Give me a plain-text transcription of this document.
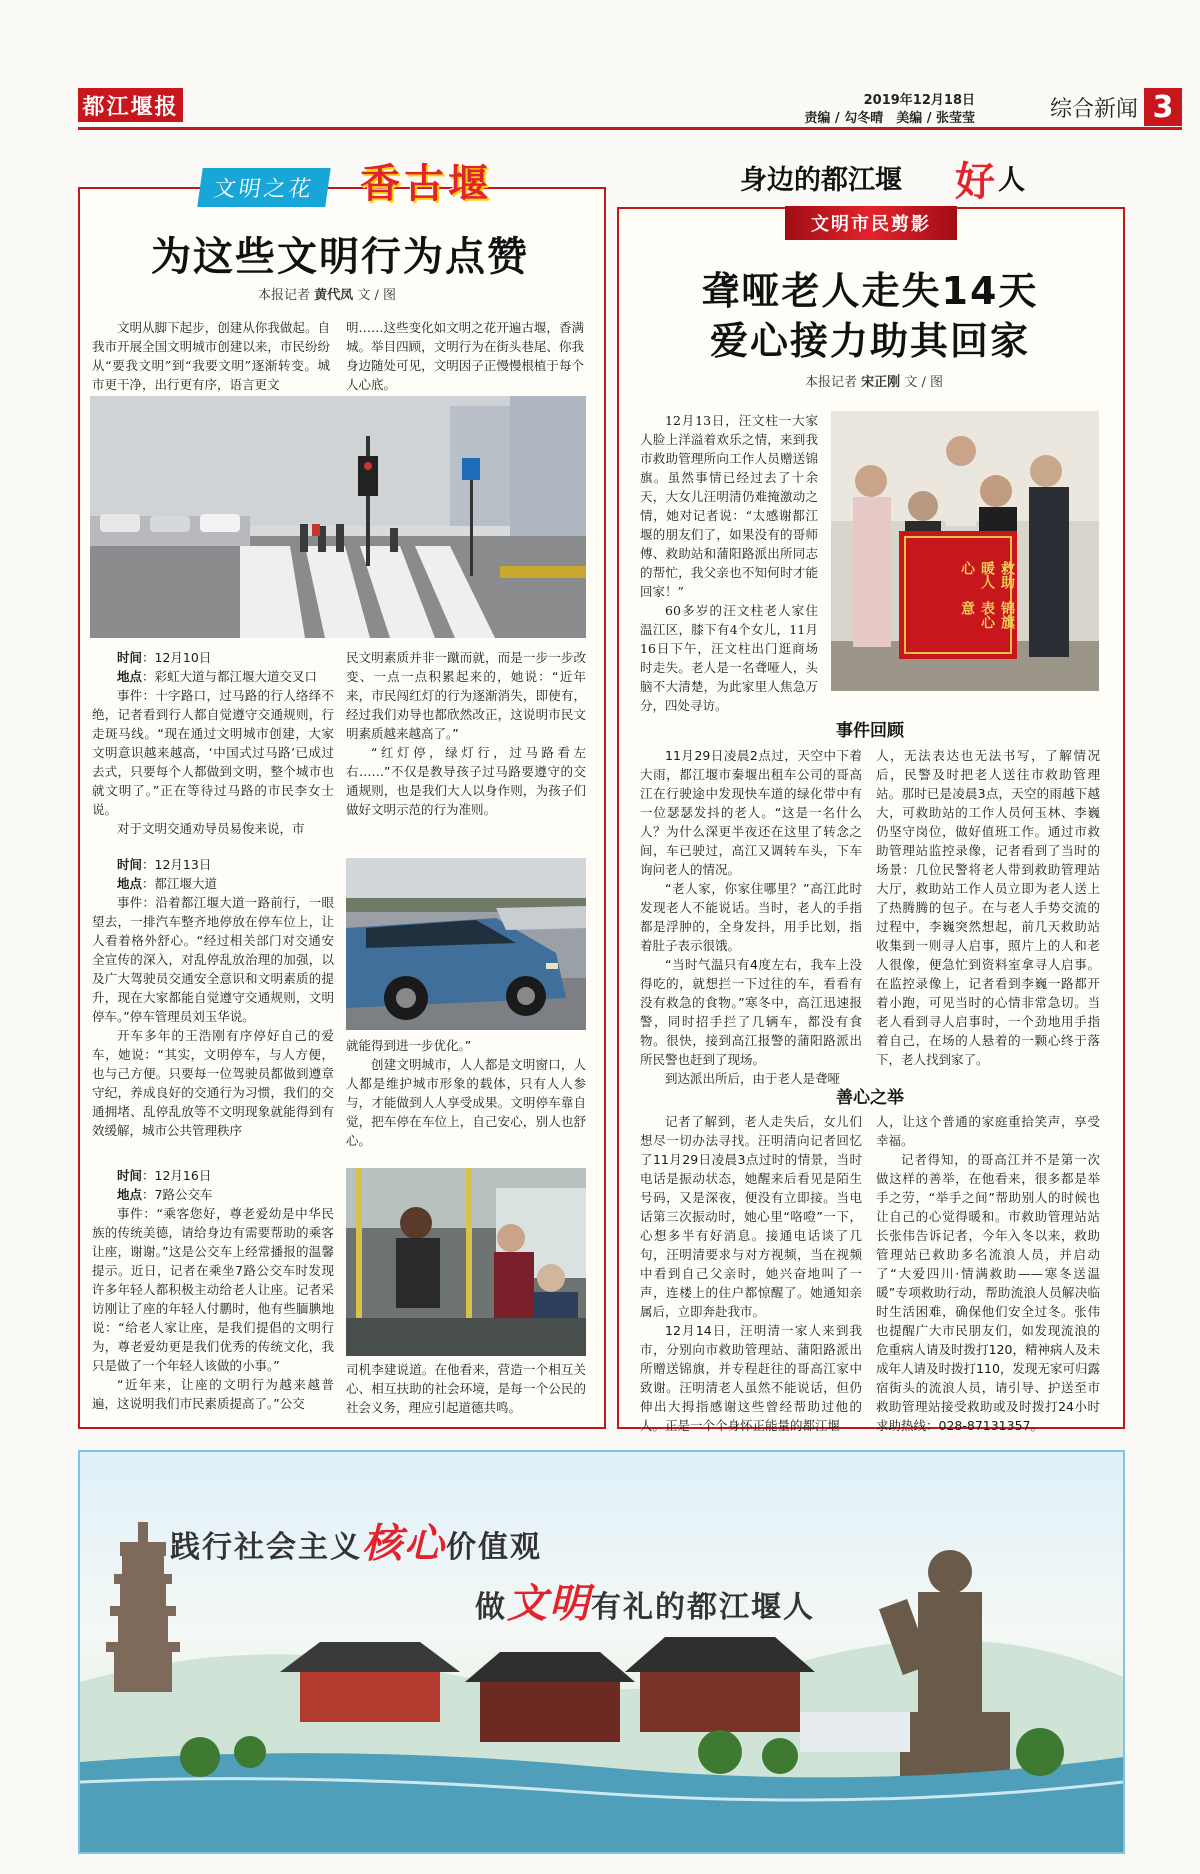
都江堰报	2019年12月18日
责编 / 勾冬晴　美编 / 张莹莹	综合新闻 3
文明之花	香古堰
为这些文明行为点赞
本报记者 黄代凤 文 / 图

文明从脚下起步，创建从你我做起。自我市开展全国文明城市创建以来，市民纷纷从“要我文明”到“我要文明”逐渐转变。城市更干净，出行更有序，语言更文

明……这些变化如文明之花开遍古堰，香满城。举目四顾，文明行为在街头巷尾、你我身边随处可见，文明因子正慢慢根植于每个人心底。

时间：12月10日

地点：彩虹大道与都江堰大道交叉口

事件：十字路口，过马路的行人络绎不绝，记者看到行人都自觉遵守交通规则，行走斑马线。“现在通过文明城市创建，大家文明意识越来越高，‘中国式过马路’已成过去式，只要每个人都做到文明，整个城市也就文明了。”正在等待过马路的市民李女士说。

对于文明交通劝导员易俊来说，市

民文明素质并非一蹴而就，而是一步一步改变、一点一点积累起来的，她说：“近年来，市民闯红灯的行为逐渐消失，即使有，经过我们劝导也都欣然改正，这说明市民文明素质越来越高了。”

“红灯停，绿灯行，过马路看左右……”不仅是教导孩子过马路要遵守的交通规则，也是我们大人以身作则，为孩子们做好文明示范的行为准则。

时间：12月13日

地点：都江堰大道

事件：沿着都江堰大道一路前行，一眼望去，一排汽车整齐地停放在停车位上，让人看着格外舒心。“经过相关部门对交通安全宣传的深入，对乱停乱放治理的加强，以及广大驾驶员交通安全意识和文明素质的提升，现在大家都能自觉遵守交通规则，文明停车。”停车管理员刘玉华说。

开车多年的王浩刚有序停好自己的爱车，她说：“其实，文明停车，与人方便，也与己方便。只要每一位驾驶员都做到遵章守纪，养成良好的交通行为习惯，我们的交通拥堵、乱停乱放等不文明现象就能得到有效缓解，城市公共管理秩序

就能得到进一步优化。”

创建文明城市，人人都是文明窗口，人人都是维护城市形象的载体，只有人人参与，才能做到人人享受成果。文明停车靠自觉，把车停在车位上，自己安心，别人也舒心。

时间：12月16日

地点：7路公交车

事件：“乘客您好，尊老爱幼是中华民族的传统美德，请给身边有需要帮助的乘客让座，谢谢。”这是公交车上经常播报的温馨提示。近日，记者在乘坐7路公交车时发现许多年轻人都积极主动给老人让座。记者采访刚让了座的年轻人付鹏时，他有些腼腆地说：“给老人家让座，是我们提倡的文明行为，尊老爱幼更是我们优秀的传统文化，我只是做了一个年轻人该做的小事。”

“近年来，让座的文明行为越来越普遍，这说明我们市民素质提高了。”公交

司机李建说道。在他看来，营造一个相互关心、相互扶助的社会环境，是每一个公民的社会义务，理应引起道德共鸣。

身边的都江堰 好 人
文明市民剪影
聋哑老人走失14天
爱心接力助其回家
本报记者 宋正刚 文 / 图

12月13日，汪文柱一大家人脸上洋溢着欢乐之情，来到我市救助管理所向工作人员赠送锦旗。虽然事情已经过去了十余天，大女儿汪明清仍难掩激动之情，她对记者说：“太感谢都江堰的朋友们了，如果没有的哥师傅、救助站和蒲阳路派出所同志的帮忙，我父亲也不知何时才能回家！”

60多岁的汪文柱老人家住温江区，膝下有4个女儿，11月16日下午，汪文柱出门逛商场时走失。老人是一名聋哑人，头脑不大清楚，为此家里人焦急万分，四处寻访。

救助暖人心
锦旗表心意
事件回顾

11月29日凌晨2点过，天空中下着大雨，都江堰市秦堰出租车公司的哥高江在行驶途中发现快车道的绿化带中有一位瑟瑟发抖的老人。“这是一名什么人？为什么深更半夜还在这里了转念之间，车已驶过，高江又调转车头，下车询问老人的情况。

“老人家，你家住哪里？”高江此时发现老人不能说话。当时，老人的手指都是浮肿的，全身发抖，用手比划，指着肚子表示很饿。

“当时气温只有4度左右，我车上没得吃的，就想拦一下过往的车，看看有没有救急的食物。”寒冬中，高江迅速报警，同时招手拦了几辆车，都没有食物。很快，接到高江报警的蒲阳路派出所民警也赶到了现场。

到达派出所后，由于老人是聋哑

人，无法表达也无法书写，了解情况后，民警及时把老人送往市救助管理站。那时已是凌晨3点，天空的雨越下越大，可救助站的工作人员何玉林、李巍仍坚守岗位，做好值班工作。通过市救助管理站监控录像，记者看到了当时的场景：几位民警将老人带到救助管理站大厅，救助站工作人员立即为老人送上了热腾腾的包子。在与老人手势交流的过程中，李巍突然想起，前几天救助站收集到一则寻人启事，照片上的人和老人很像，便急忙到资料室拿寻人启事。在监控录像上，记者看到李巍一路都开着小跑，可见当时的心情非常急切。当老人看到寻人启事时，一个劲地用手指着自己，在场的人悬着的一颗心终于落下，老人找到家了。

善心之举

记者了解到，老人走失后，女儿们想尽一切办法寻找。汪明清向记者回忆了11月29日凌晨3点过时的情景，当时电话是振动状态，她醒来后看见是陌生号码，又是深夜，便没有立即接。当电话第三次振动时，她心里“咯噔”一下，心想多半有好消息。接通电话谈了几句，汪明清要求与对方视频，当在视频中看到自己父亲时，她兴奋地叫了一声，连楼上的住户都惊醒了。她通知亲属后，立即奔赴我市。

12月14日，汪明清一家人来到我市，分别向市救助管理站、蒲阳路派出所赠送锦旗，并专程赶往的哥高江家中致谢。汪明清老人虽然不能说话，但仍伸出大拇指感谢这些曾经帮助过他的人。正是一个个身怀正能量的都江堰

人，让这个普通的家庭重拾笑声，享受幸福。

记者得知，的哥高江并不是第一次做这样的善举，在他看来，很多都是举手之劳，“举手之间”帮助别人的时候也让自己的心觉得暖和。市救助管理站站长张伟告诉记者，今年入冬以来，救助管理站已救助多名流浪人员，并启动了“大爱四川·情满救助——寒冬送温暖”专项救助行动，帮助流浪人员解决临时生活困难，确保他们安全过冬。张伟也提醒广大市民朋友们，如发现流浪的危重病人请及时拨打120，精神病人及未成年人请及时拨打110，发现无家可归露宿街头的流浪人员，请引导、护送至市救助管理站接受救助或及时拨打24小时求助热线：028-87131357。

践行社会主义核心价值观
做文明有礼的都江堰人
